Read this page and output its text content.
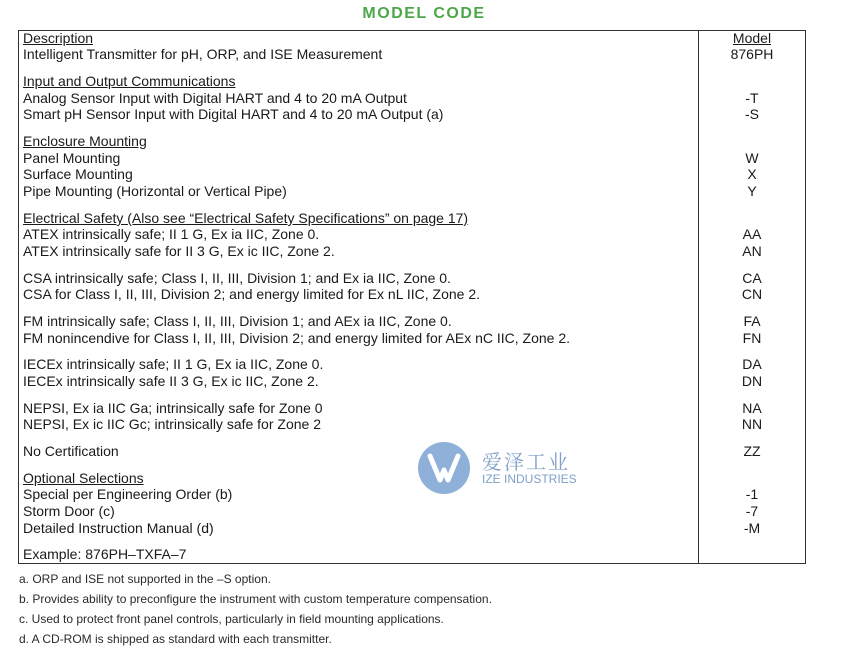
MODEL CODE
Description	Model
Intelligent Transmitter for pH, ORP, and ISE Measurement	876PH
Input and Output Communications
Analog Sensor Input with Digital HART and 4 to 20 mA Output	-T
Smart pH Sensor Input with Digital HART and 4 to 20 mA Output (a)	-S
Enclosure Mounting
Panel Mounting	W
Surface Mounting	X
Pipe Mounting (Horizontal or Vertical Pipe)	Y
Electrical Safety (Also see “Electrical Safety Specifications” on page 17)
ATEX intrinsically safe; II 1 G, Ex ia IIC, Zone 0.	AA
ATEX intrinsically safe for II 3 G, Ex ic IIC, Zone 2.	AN
CSA intrinsically safe; Class I, II, III, Division 1; and Ex ia IIC, Zone 0.	CA
CSA for Class I, II, III, Division 2; and energy limited for Ex nL IIC, Zone 2.	CN
FM intrinsically safe; Class I, II, III, Division 1; and AEx ia IIC, Zone 0.	FA
FM nonincendive for Class I, II, III, Division 2; and energy limited for AEx nC IIC, Zone 2.	FN
IECEx intrinsically safe; II 1 G, Ex ia IIC, Zone 0.	DA
IECEx intrinsically safe II 3 G, Ex ic IIC, Zone 2.	DN
NEPSI, Ex ia IIC Ga; intrinsically safe for Zone 0	NA
NEPSI, Ex ic IIC Gc; intrinsically safe for Zone 2	NN
No Certification	ZZ
Optional Selections
Special per Engineering Order (b)	-1
Storm Door (c)	-7
Detailed Instruction Manual (d)	-M
Example: 876PH–TXFA–7
a. ORP and ISE not supported in the –S option.
b. Provides ability to preconfigure the instrument with custom temperature compensation.
c. Used to protect front panel controls, particularly in field mounting applications.
d. A CD-ROM is shipped as standard with each transmitter.
爱泽工业
IZE INDUSTRIES
